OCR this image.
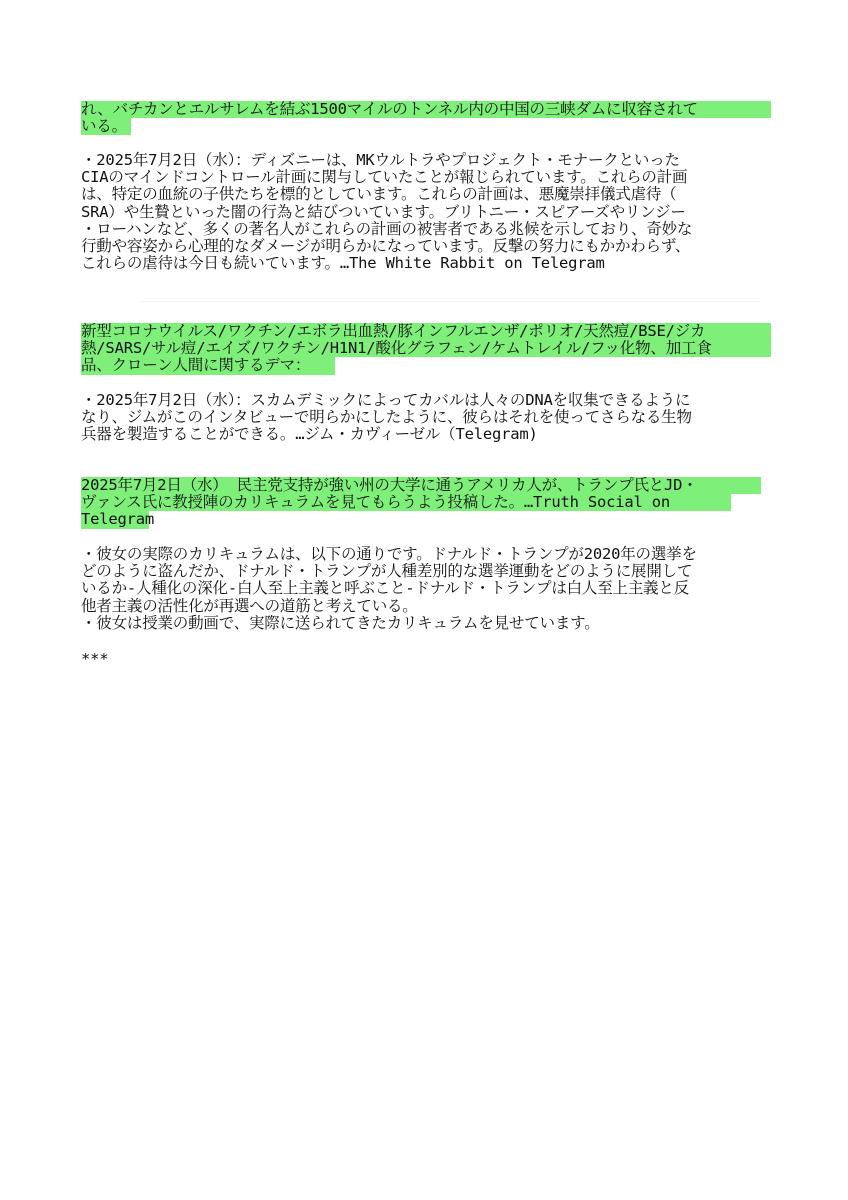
れ、バチカンとエルサレムを結ぶ1500マイルのトンネル内の中国の三峡ダムに収容されて
いる。
・2025年7月2日（水）：ディズニーは、MKウルトラやプロジェクト・モナークといった
CIAのマインドコントロール計画に関与していたことが報じられています。これらの計画
は、特定の血統の子供たちを標的としています。これらの計画は、悪魔崇拝儀式虐待（
SRA）や生贄といった闇の行為と結びついています。ブリトニー・スピアーズやリンジー
・ローハンなど、多くの著名人がこれらの計画の被害者である兆候を示しており、奇妙な
行動や容姿から心理的なダメージが明らかになっています。反撃の努力にもかかわらず、
これらの虐待は今日も続いています。…The White Rabbit on Telegram
新型コロナウイルス/ワクチン/エボラ出血熱/豚インフルエンザ/ポリオ/天然痘/BSE/ジカ
熱/SARS/サル痘/エイズ/ワクチン/H1N1/酸化グラフェン/ケムトレイル/フッ化物、加工食
品、クローン人間に関するデマ：
・2025年7月2日（水）：スカムデミックによってカバルは人々のDNAを収集できるように
なり、ジムがこのインタビューで明らかにしたように、彼らはそれを使ってさらなる生物
兵器を製造することができる。…ジム・カヴィーゼル（Telegram)
2025年7月2日（水） 民主党支持が強い州の大学に通うアメリカ人が、トランプ氏とJD・
ヴァンス氏に教授陣のカリキュラムを見てもらうよう投稿した。…Truth Social on
Telegram
・彼女の実際のカリキュラムは、以下の通りです。ドナルド・トランプが2020年の選挙を
どのように盗んだか、ドナルド・トランプが人種差別的な選挙運動をどのように展開して
いるか-人種化の深化-白人至上主義と呼ぶこと-ドナルド・トランプは白人至上主義と反
他者主義の活性化が再選への道筋と考えている。
・彼女は授業の動画で、実際に送られてきたカリキュラムを見せています。
***
